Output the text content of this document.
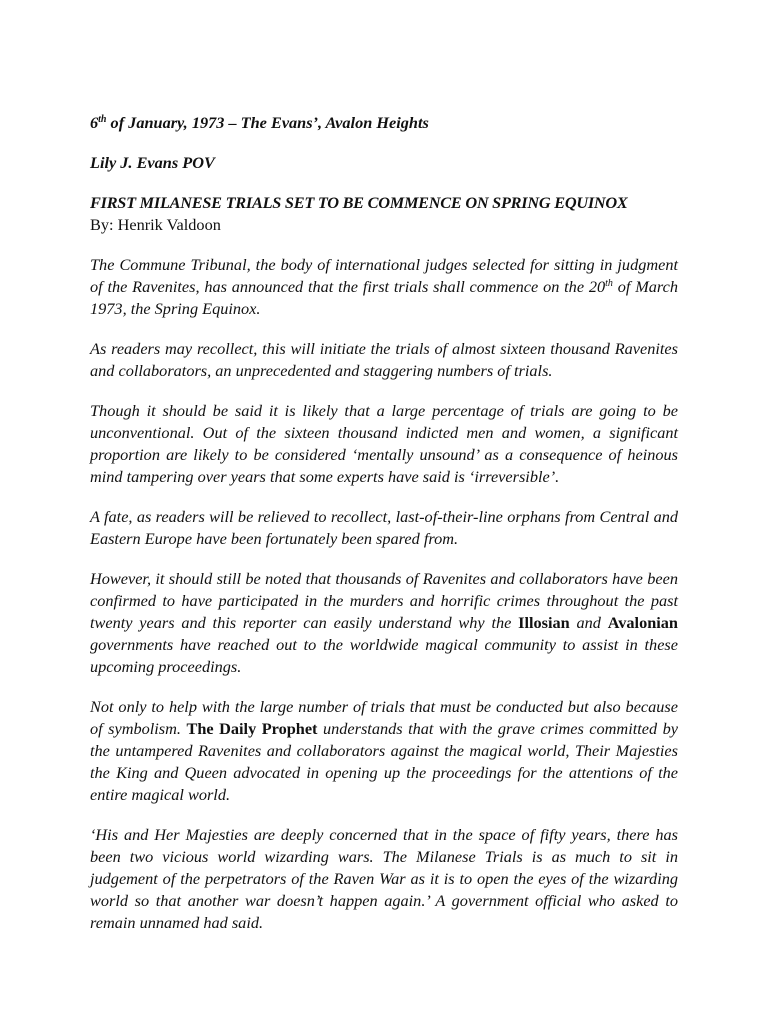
6th of January, 1973 – The Evans’, Avalon Heights

Lily J. Evans POV

FIRST MILANESE TRIALS SET TO BE COMMENCE ON SPRING EQUINOX

By: Henrik Valdoon

The Commune Tribunal, the body of international judges selected for sitting in judgment of the Ravenites, has announced that the first trials shall commence on the 20th of March 1973, the Spring Equinox.

As readers may recollect, this will initiate the trials of almost sixteen thousand Ravenites and collaborators, an unprecedented and staggering numbers of trials.

Though it should be said it is likely that a large percentage of trials are going to be unconventional. Out of the sixteen thousand indicted men and women, a significant proportion are likely to be considered ‘mentally unsound’ as a consequence of heinous mind tampering over years that some experts have said is ‘irreversible’.

A fate, as readers will be relieved to recollect, last-of-their-line orphans from Central and Eastern Europe have been fortunately been spared from.

However, it should still be noted that thousands of Ravenites and collaborators have been confirmed to have participated in the murders and horrific crimes throughout the past twenty years and this reporter can easily understand why the Illosian and Avalonian governments have reached out to the worldwide magical community to assist in these upcoming proceedings.

Not only to help with the large number of trials that must be conducted but also because of symbolism. The Daily Prophet understands that with the grave crimes committed by the untampered Ravenites and collaborators against the magical world, Their Majesties the King and Queen advocated in opening up the proceedings for the attentions of the entire magical world.

‘His and Her Majesties are deeply concerned that in the space of fifty years, there has been two vicious world wizarding wars. The Milanese Trials is as much to sit in judgement of the perpetrators of the Raven War as it is to open the eyes of the wizarding world so that another war doesn’t happen again.’ A government official who asked to remain unnamed had said.
